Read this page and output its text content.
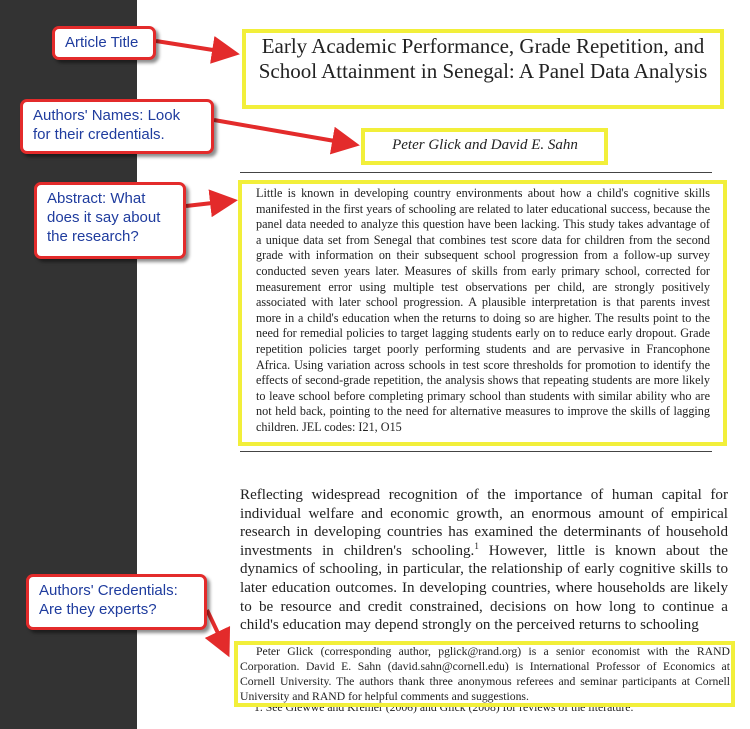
Early Academic Performance, Grade Repetition, and School Attainment in Senegal: A Panel Data Analysis
Peter Glick and David E. Sahn
Little is known in developing country environments about how a child's cognitive skills manifested in the first years of schooling are related to later educational success, because the panel data needed to analyze this question have been lacking. This study takes advantage of a unique data set from Senegal that combines test score data for children from the second grade with information on their subsequent school progression from a follow-up survey conducted seven years later. Measures of skills from early primary school, corrected for measurement error using multiple test observations per child, are strongly positively associated with later school progression. A plausible interpretation is that parents invest more in a child's education when the returns to doing so are higher. The results point to the need for remedial policies to target lagging students early on to reduce early dropout. Grade repetition policies target poorly performing students and are pervasive in Francophone Africa. Using variation across schools in test score thresholds for promotion to identify the effects of second-grade repetition, the analysis shows that repeating students are more likely to leave school before completing primary school than students with similar ability who are not held back, pointing to the need for alternative measures to improve the skills of lagging children. JEL codes: I21, O15
Reflecting widespread recognition of the importance of human capital for individual welfare and economic growth, an enormous amount of empirical research in developing countries has examined the determinants of household investments in children's schooling.$^1$ However, little is known about the dynamics of schooling, in particular, the relationship of early cognitive skills to later education outcomes. In developing countries, where households are likely to be resource and credit constrained, decisions on how long to continue a child's education may depend strongly on the perceived returns to schooling
Peter Glick (corresponding author, pglick@rand.org) is a senior economist with the RAND Corporation. David E. Sahn (david.sahn@cornell.edu) is International Professor of Economics at Cornell University. The authors thank three anonymous referees and seminar participants at Cornell University and RAND for helpful comments and suggestions.
1. See Glewwe and Kremer (2006) and Glick (2008) for reviews of the literature.
Article Title
Authors' Names: Look for their credentials.
Abstract: What does it say about the research?
Authors' Credentials: Are they experts?
